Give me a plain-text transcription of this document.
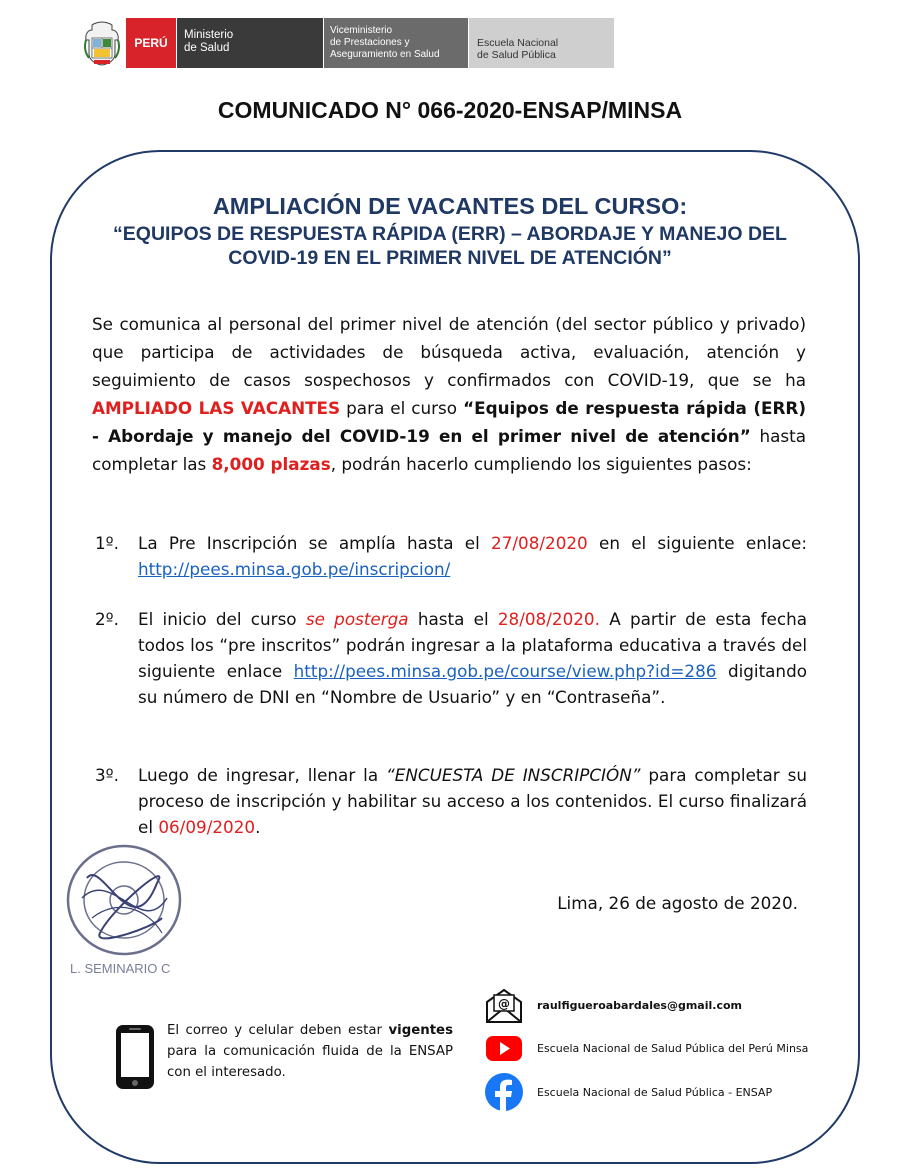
PERÚ
Ministerio
de Salud
Viceministerio
de Prestaciones y
Aseguramiento en Salud
Escuela Nacional
de Salud Pública
COMUNICADO N° 066-2020-ENSAP/MINSA
AMPLIACIÓN DE VACANTES DEL CURSO:
“EQUIPOS DE RESPUESTA RÁPIDA (ERR) – ABORDAJE Y MANEJO DEL COVID-19 EN EL PRIMER NIVEL DE ATENCIÓN”

Se comunica al personal del primer nivel de atención (del sector público y privado) que participa de actividades de búsqueda activa, evaluación, atención y seguimiento de casos sospechosos y confirmados con COVID-19, que se ha AMPLIADO LAS VACANTES para el curso “Equipos de respuesta rápida (ERR) - Abordaje y manejo del COVID-19 en el primer nivel de atención” hasta completar las 8,000 plazas, podrán hacerlo cumpliendo los siguientes pasos:

1º.	La Pre Inscripción se amplía hasta el 27/08/2020 en el siguiente enlace: http://pees.minsa.gob.pe/inscripcion/
2º.	El inicio del curso se posterga hasta el 28/08/2020. A partir de esta fecha todos los “pre inscritos” podrán ingresar a la plataforma educativa a través del siguiente enlace http://pees.minsa.gob.pe/course/view.php?id=286 digitando su número de DNI en “Nombre de Usuario” y en “Contraseña”.
3º.	Luego de ingresar, llenar la “ENCUESTA DE INSCRIPCIÓN” para completar su proceso de inscripción y habilitar su acceso a los contenidos. El curso finalizará el 06/09/2020.
L. SEMINARIO C
Lima, 26 de agosto de 2020.

El correo y celular deben estar vigentes para la comunicación fluida de la ENSAP con el interesado.

@ raulfigueroabardales@gmail.com
Escuela Nacional de Salud Pública del Perú Minsa
Escuela Nacional de Salud Pública - ENSAP
